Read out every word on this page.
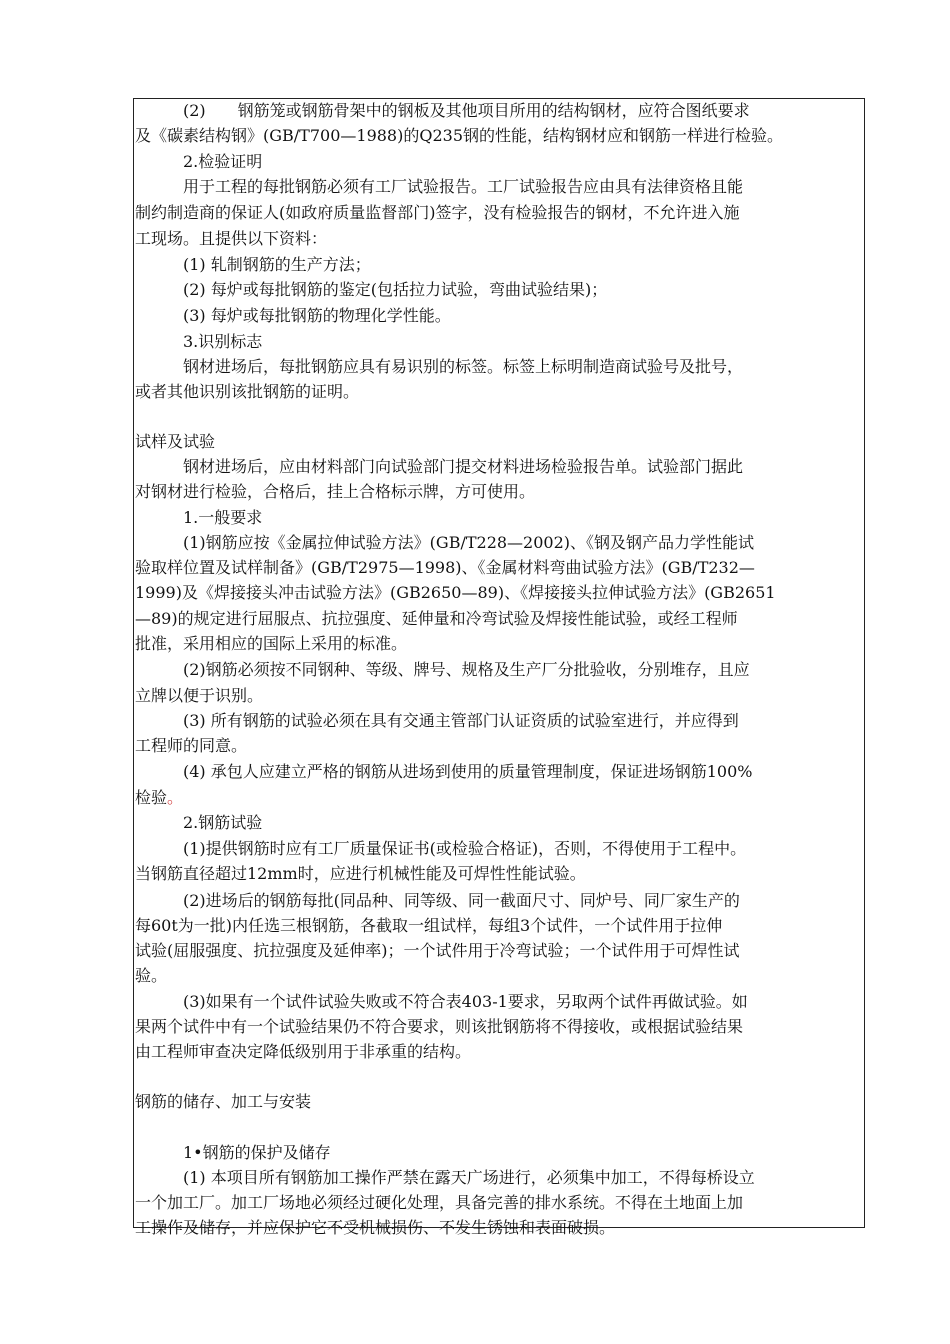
　　　(2)　　钢筋笼或钢筋骨架中的钢板及其他项目所用的结构钢材，应符合图纸要求
及《碳素结构钢》(GB/T700—1988)的Q235钢的性能，结构钢材应和钢筋一样进行检验。
　　　2.检验证明
　　　用于工程的每批钢筋必须有工厂试验报告。工厂试验报告应由具有法律资格且能
制约制造商的保证人(如政府质量监督部门)签字，没有检验报告的钢材，不允许进入施
工现场。且提供以下资料：
　　　(1) 轧制钢筋的生产方法；
　　　(2) 每炉或每批钢筋的鉴定(包括拉力试验，弯曲试验结果)；
　　　(3) 每炉或每批钢筋的物理化学性能。
　　　3.识别标志
　　　钢材进场后，每批钢筋应具有易识别的标签。标签上标明制造商试验号及批号，
或者其他识别该批钢筋的证明。
试样及试验
　　　钢材进场后，应由材料部门向试验部门提交材料进场检验报告单。试验部门据此
对钢材进行检验，合格后，挂上合格标示牌，方可使用。
　　　1.一般要求
　　　(1)钢筋应按《金属拉伸试验方法》(GB/T228—2002)、《钢及钢产品力学性能试
验取样位置及试样制备》(GB/T2975—1998)、《金属材料弯曲试验方法》(GB/T232—
1999)及《焊接接头冲击试验方法》(GB2650—89)、《焊接接头拉伸试验方法》(GB2651
—89)的规定进行屈服点、抗拉强度、延伸量和冷弯试验及焊接性能试验，或经工程师
批准，采用相应的国际上采用的标准。
　　　(2)钢筋必须按不同钢种、等级、牌号、规格及生产厂分批验收，分别堆存，且应
立牌以便于识别。
　　　(3) 所有钢筋的试验必须在具有交通主管部门认证资质的试验室进行，并应得到
工程师的同意。
　　　(4) 承包人应建立严格的钢筋从进场到使用的质量管理制度，保证进场钢筋100%
检验。
　　　2.钢筋试验
　　　(1)提供钢筋时应有工厂质量保证书(或检验合格证)，否则，不得使用于工程中。
当钢筋直径超过12mm时，应进行机械性能及可焊性性能试验。
　　　(2)进场后的钢筋每批(同品种、同等级、同一截面尺寸、同炉号、同厂家生产的
每60t为一批)内任选三根钢筋，各截取一组试样，每组3个试件，一个试件用于拉伸
试验(屈服强度、抗拉强度及延伸率)；一个试件用于冷弯试验；一个试件用于可焊性试
验。
　　　(3)如果有一个试件试验失败或不符合表403-1要求，另取两个试件再做试验。如
果两个试件中有一个试验结果仍不符合要求，则该批钢筋将不得接收，或根据试验结果
由工程师审查决定降低级别用于非承重的结构。
钢筋的储存、加工与安装
　　　1•钢筋的保护及储存
　　　(1) 本项目所有钢筋加工操作严禁在露天广场进行，必须集中加工，不得每桥设立
一个加工厂。加工厂场地必须经过硬化处理，具备完善的排水系统。不得在土地面上加
工操作及储存，并应保护它不受机械损伤、不发生锈蚀和表面破损。
